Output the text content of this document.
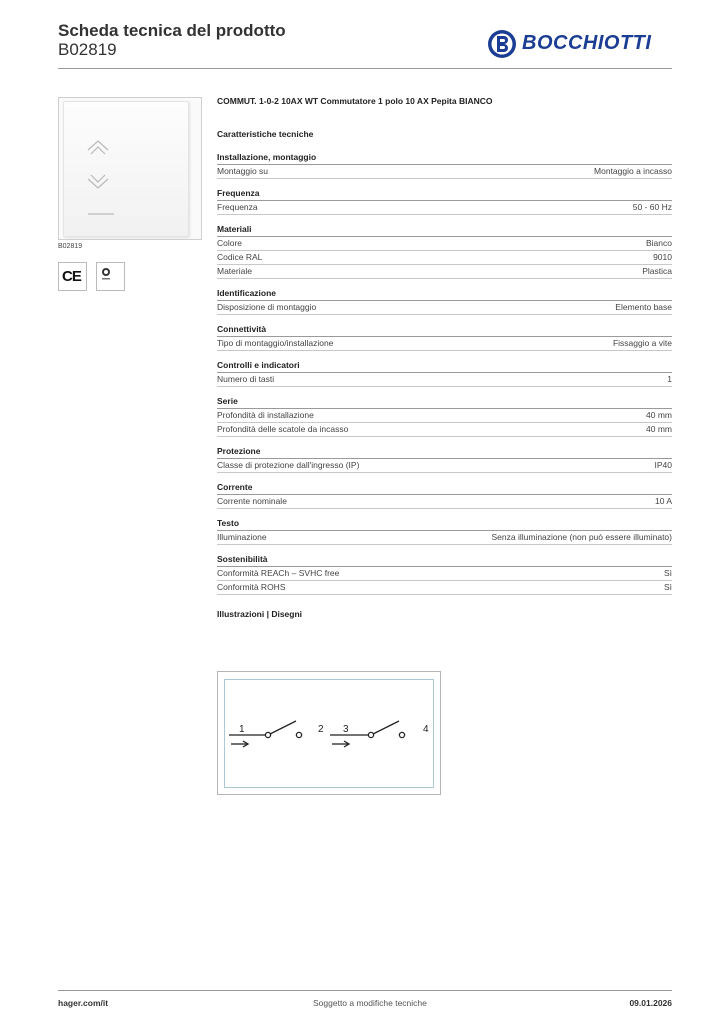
Scheda tecnica del prodotto
B02819	BOCCHIOTTI
B02819
CE
COMMUT. 1-0-2 10AX WT Commutatore 1 polo 10 AX Pepita BIANCO
Caratteristiche tecniche
Installazione, montaggio
Montaggio su	Montaggio a incasso
Frequenza
Frequenza	50 - 60 Hz
Materiali
Colore	Bianco
Codice RAL	9010
Materiale	Plastica
Identificazione
Disposizione di montaggio	Elemento base
Connettività
Tipo di montaggio/installazione	Fissaggio a vite
Controlli e indicatori
Numero di tasti	1
Serie
Profondità di installazione	40 mm
Profondità delle scatole da incasso	40 mm
Protezione
Classe di protezione dall'ingresso (IP)	IP40
Corrente
Corrente nominale	10 A
Testo
Illuminazione	Senza illuminazione (non può essere illuminato)
Sostenibilità
Conformità REACh – SVHC free	Sì
Conformità ROHS	Sì
Illustrazioni | Disegni
1	2 3	4
hager.com/it	Soggetto a modifiche tecniche	09.01.2026
